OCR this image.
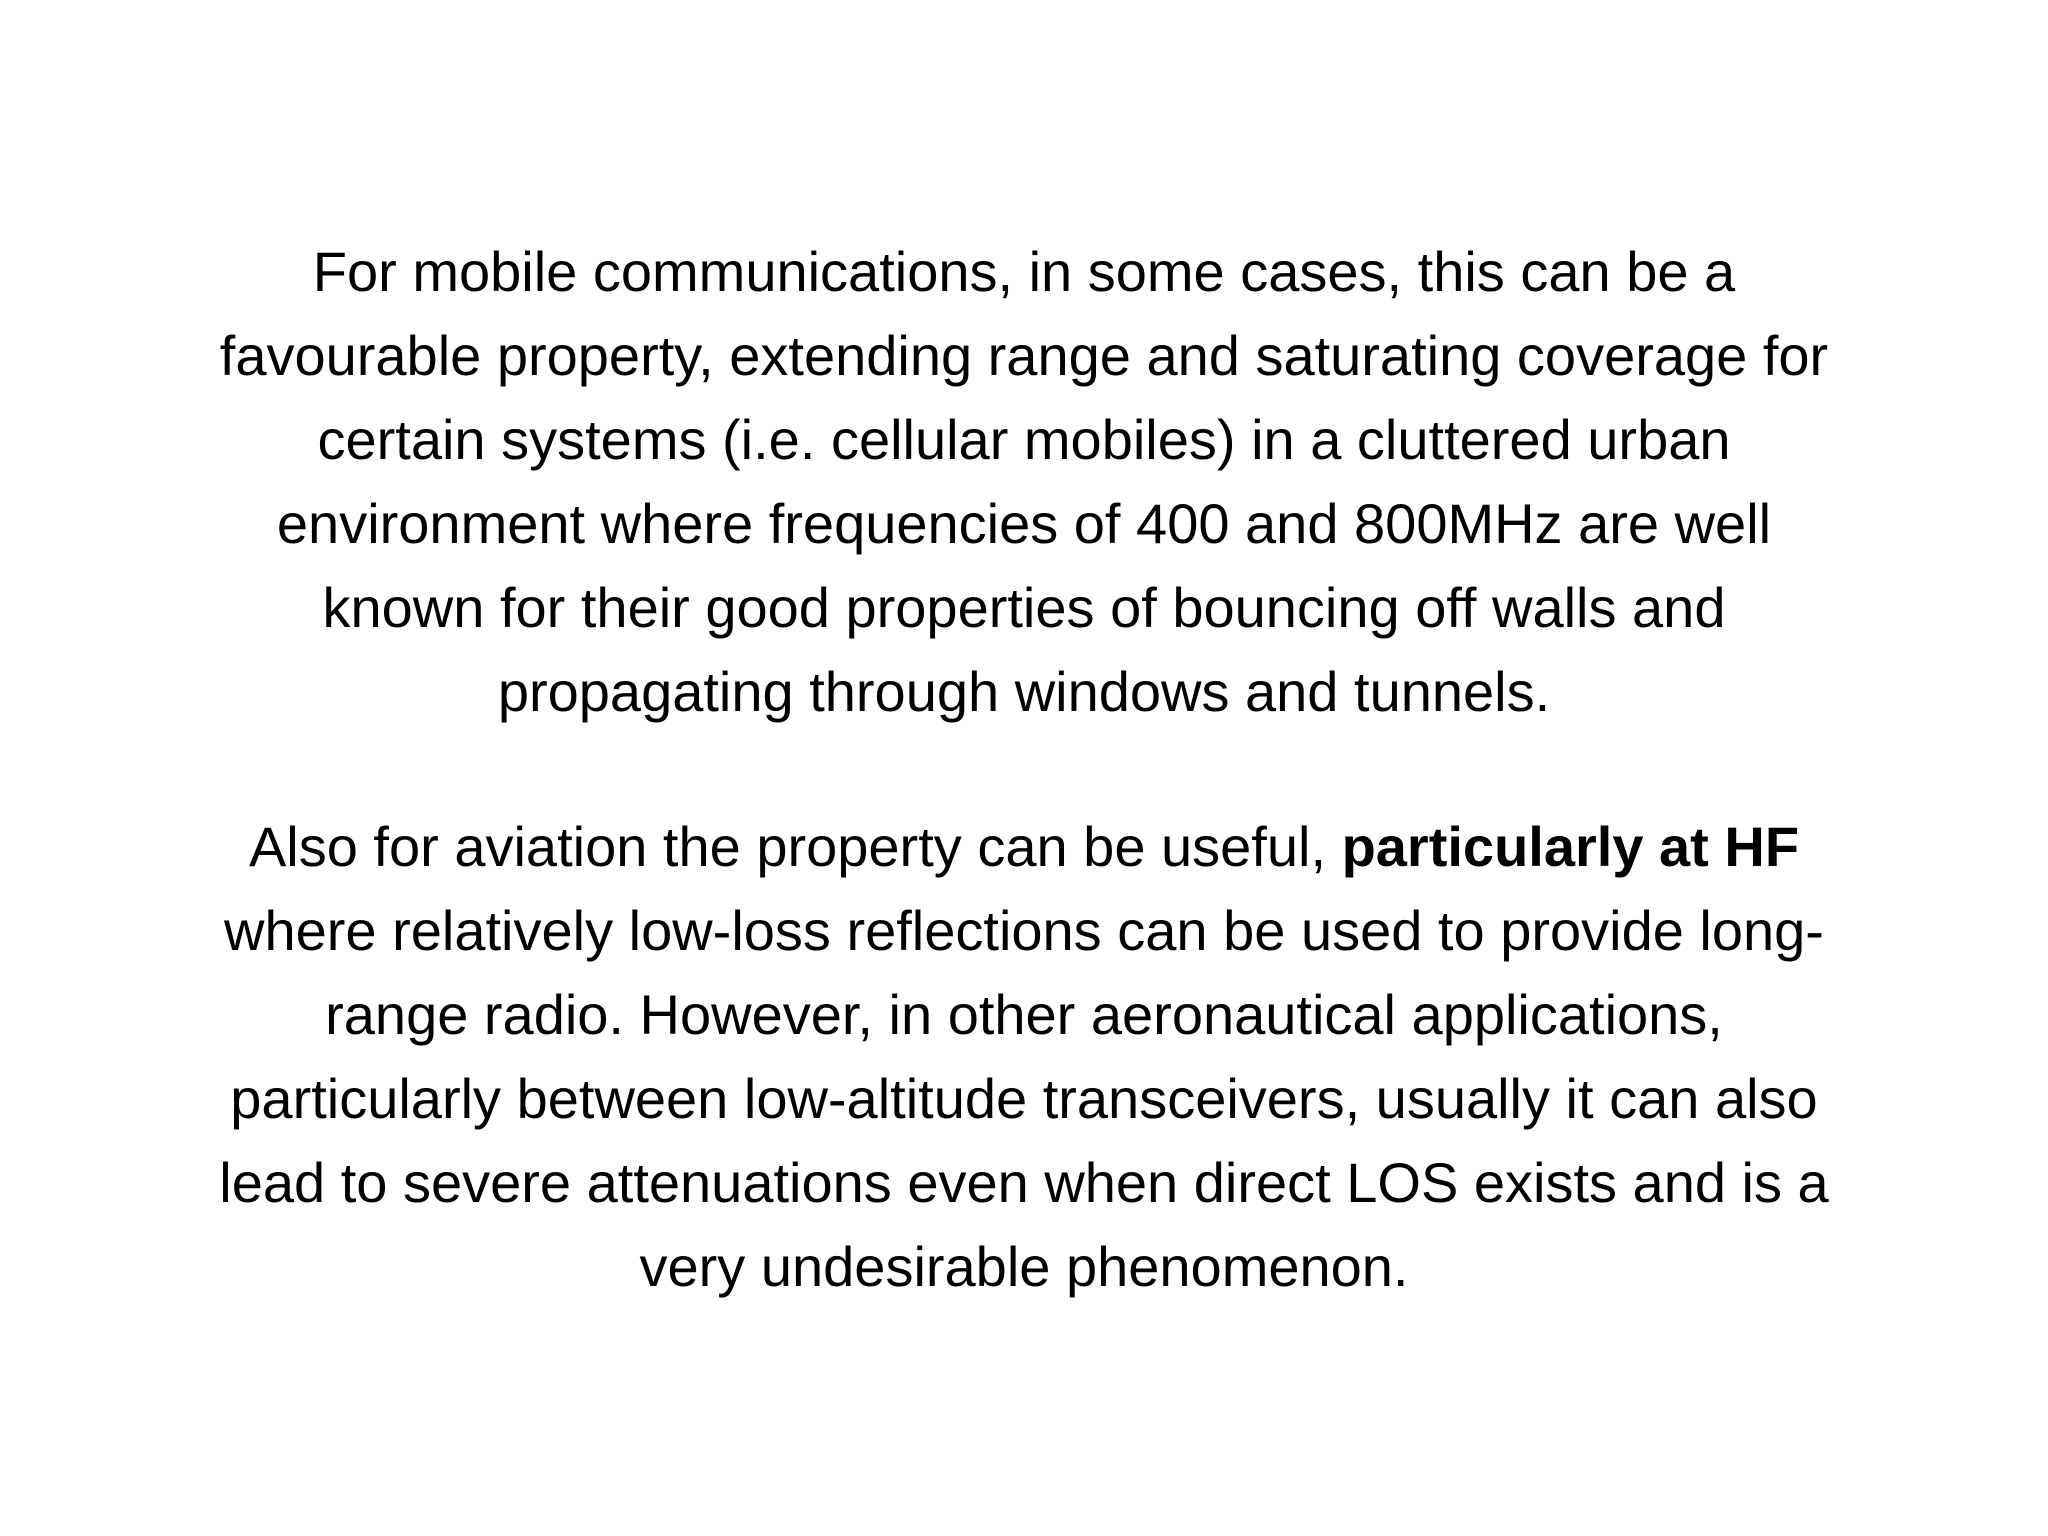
For mobile communications, in some cases, this can be a
favourable property, extending range and saturating coverage for
certain systems (i.e. cellular mobiles) in a cluttered urban
environment where frequencies of 400 and 800MHz are well
known for their good properties of bouncing off walls and
propagating through windows and tunnels.

Also for aviation the property can be useful, particularly at HF
where relatively low-loss reflections can be used to provide long-
range radio. However, in other aeronautical applications,
particularly between low-altitude transceivers, usually it can also
lead to severe attenuations even when direct LOS exists and is a
very undesirable phenomenon.
